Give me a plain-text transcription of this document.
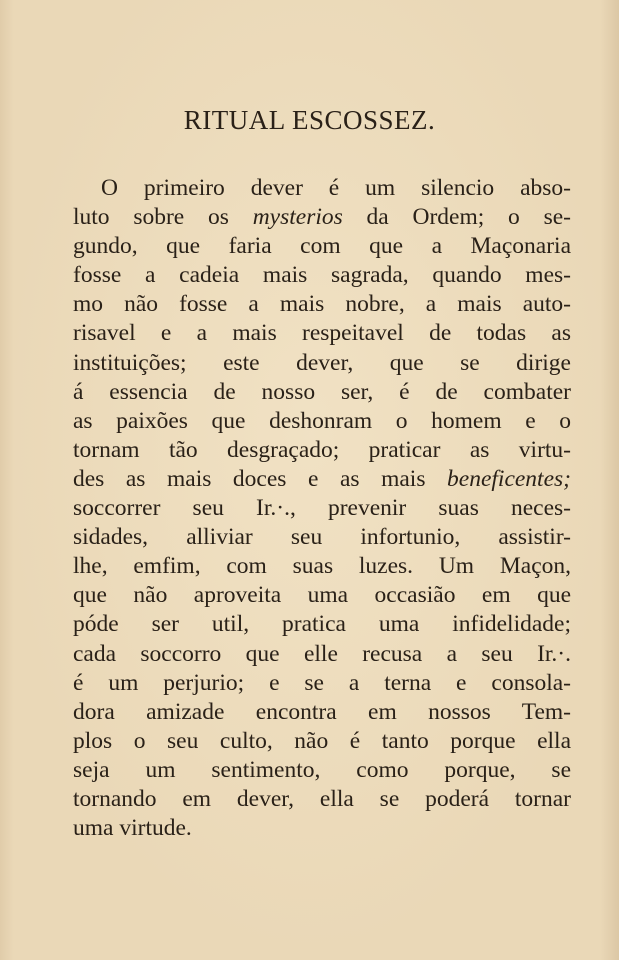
RITUAL ESCOSSEZ.
O primeiro dever é um silencio abso-
luto sobre os mysterios da Ordem; o se-
gundo, que faria com que a Maçonaria
fosse a cadeia mais sagrada, quando mes-
mo não fosse a mais nobre, a mais auto-
risavel e a mais respeitavel de todas as
instituições; este dever, que se dirige
á essencia de nosso ser, é de combater
as paixões que deshonram o homem e o
tornam tão desgraçado; praticar as virtu-
des as mais doces e as mais beneficentes;
soccorrer seu Ir.·., prevenir suas neces-
sidades, alliviar seu infortunio, assistir-
lhe, emfim, com suas luzes. Um Maçon,
que não aproveita uma occasião em que
póde ser util, pratica uma infidelidade;
cada soccorro que elle recusa a seu Ir.·.
é um perjurio; e se a terna e consola-
dora amizade encontra em nossos Tem-
plos o seu culto, não é tanto porque ella
seja um sentimento, como porque, se
tornando em dever, ella se poderá tornar
uma virtude.
